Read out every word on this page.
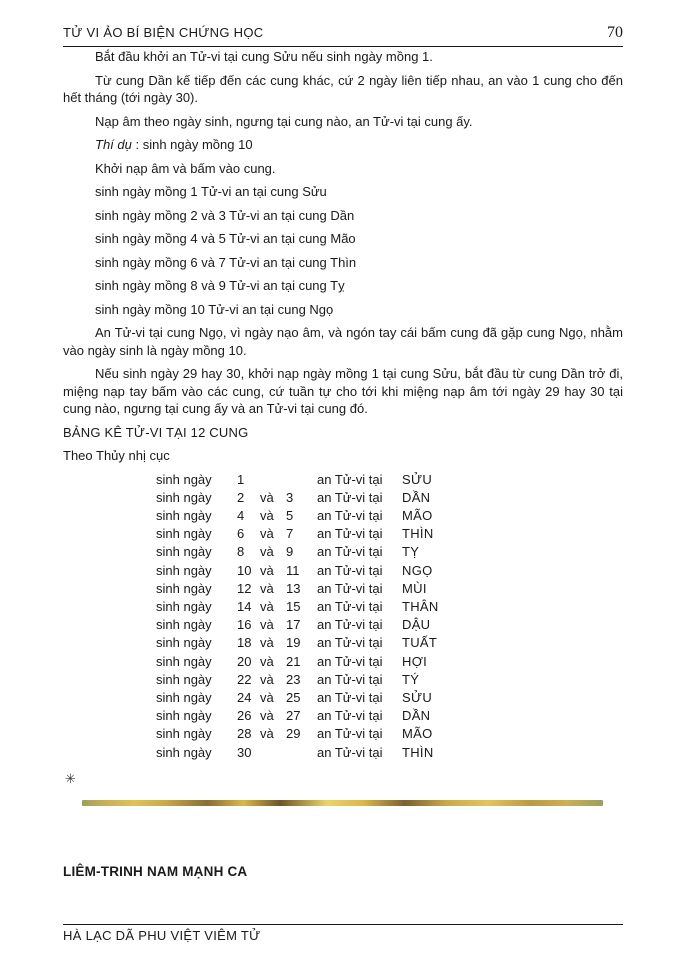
TỬ VI ẢO BÍ BIỆN CHỨNG HỌC	70

Bắt đầu khởi an Tử-vi tại cung Sửu nếu sinh ngày mồng 1.

Từ cung Dần kế tiếp đến các cung khác, cứ 2 ngày liên tiếp nhau, an vào 1 cung cho đến hết tháng (tới ngày 30).

Nạp âm theo ngày sinh, ngưng tại cung nào, an Tử-vi tại cung ấy.

Thí dụ : sinh ngày mồng 10

Khởi nạp âm và bấm vào cung.

sinh ngày mồng 1 Tử-vi an tại cung Sửu

sinh ngày mồng 2 và 3 Tử-vi an tại cung Dần

sinh ngày mồng 4 và 5 Tử-vi an tại cung Mão

sinh ngày mồng 6 và 7 Tử-vi an tại cung Thìn

sinh ngày mồng 8 và 9 Tử-vi an tại cung Tỵ

sinh ngày mồng 10 Tử-vi an tại cung Ngọ

An Tử-vi tại cung Ngọ, vì ngày nạo âm, và ngón tay cái bấm cung đã gặp cung Ngọ, nhằm vào ngày sinh là ngày mồng 10.

Nếu sinh ngày 29 hay 30, khởi nạp ngày mồng 1 tại cung Sửu, bắt đầu từ cung Dần trở đi, miệng nạp tay bấm vào các cung, cứ tuần tự cho tới khi miệng nạp âm tới ngày 29 hay 30 tại cung nào, ngưng tại cung ấy và an Tử-vi tại cung đó.

BẢNG KÊ TỬ-VI TẠI 12 CUNG

Theo Thủy nhị cục

sinh ngày	1	an Tử-vi tại	SỬU
sinh ngày	2	và 3	an Tử-vi tại	DẦN
sinh ngày	4	và 5	an Tử-vi tại	MÃO
sinh ngày	6	và 7	an Tử-vi tại	THÌN
sinh ngày	8	và 9	an Tử-vi tại	TỴ
sinh ngày	10 và 11	an Tử-vi tại	NGỌ
sinh ngày	12 và 13	an Tử-vi tại	MÙI
sinh ngày	14 và 15	an Tử-vi tại	THÂN
sinh ngày	16 và 17	an Tử-vi tại	DẬU
sinh ngày	18 và 19	an Tử-vi tại	TUẤT
sinh ngày	20 và 21	an Tử-vi tại	HỢI
sinh ngày	22 và 23	an Tử-vi tại	TÝ
sinh ngày	24 và 25	an Tử-vi tại	SỬU
sinh ngày	26 và 27	an Tử-vi tại	DẦN
sinh ngày	28 và 29	an Tử-vi tại	MÃO
sinh ngày	30	an Tử-vi tại	THÌN
✳
LIÊM-TRINH NAM MẠNH CA
HÀ LẠC DÃ PHU VIỆT VIÊM TỬ
